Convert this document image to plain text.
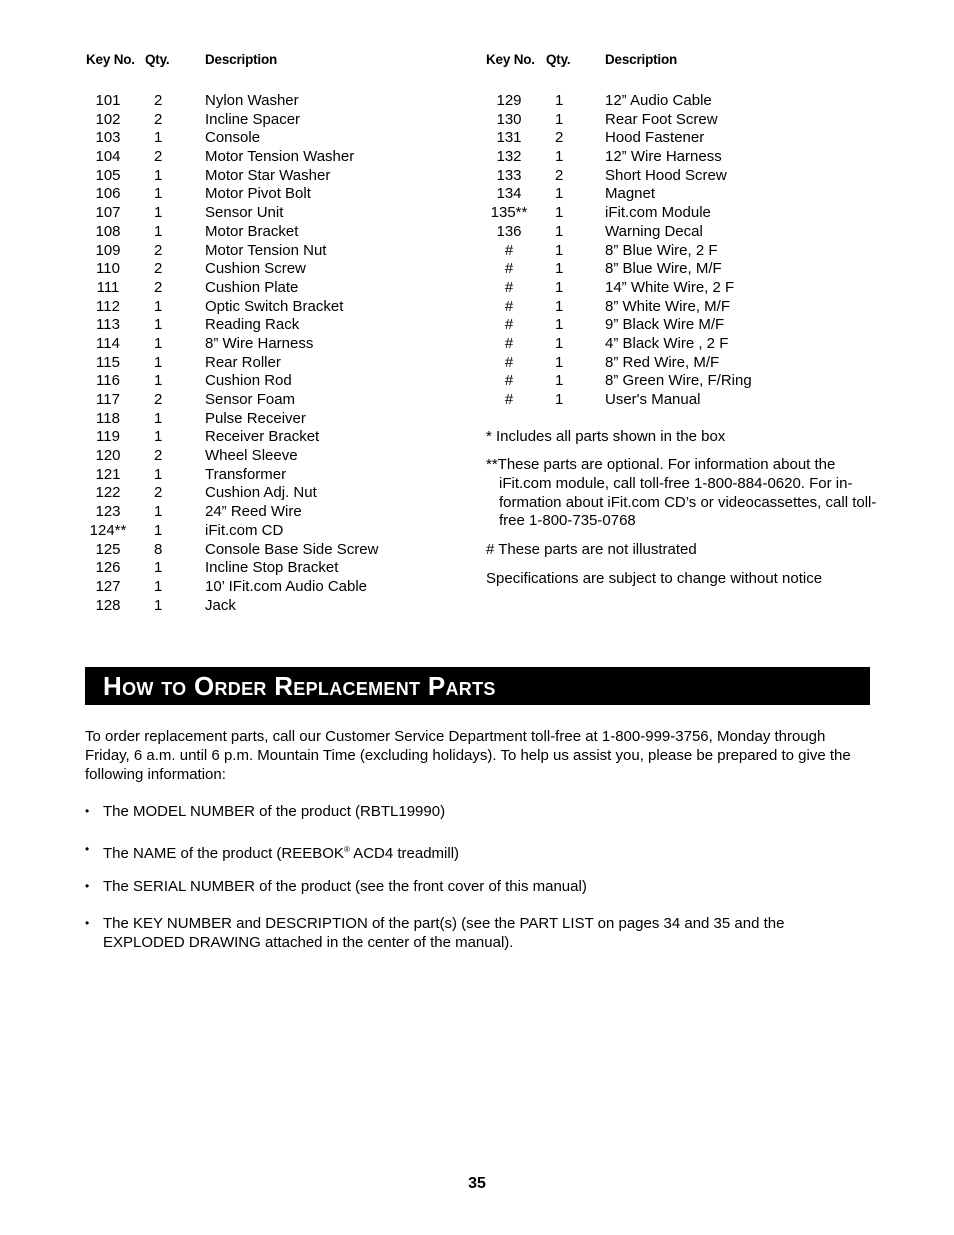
Key No. Qty.	Description
101	2	Nylon Washer
102	2	Incline Spacer
103	1	Console
104	2	Motor Tension Washer
105	1	Motor Star Washer
106	1	Motor Pivot Bolt
107	1	Sensor Unit
108	1	Motor Bracket
109	2	Motor Tension Nut
110	2	Cushion Screw
111	2	Cushion Plate
112	1	Optic Switch Bracket
113	1	Reading Rack
114	1	8” Wire Harness
115	1	Rear Roller
116	1	Cushion Rod
117	2	Sensor Foam
118	1	Pulse Receiver
119	1	Receiver Bracket
120	2	Wheel Sleeve
121	1	Transformer
122	2	Cushion Adj. Nut
123	1	24” Reed Wire
124** 1	iFit.com CD
125	8	Console Base Side Screw
126	1	Incline Stop Bracket
127	1	10’ IFit.com Audio Cable
128	1	Jack
Key No. Qty.	Description
129	1	12” Audio Cable
130	1	Rear Foot Screw
131	2	Hood Fastener
132	1	12” Wire Harness
133	2	Short Hood Screw
134	1	Magnet
135** 1	iFit.com Module
136	1	Warning Decal
#	1	8” Blue Wire, 2 F
#	1	8” Blue Wire, M/F
#	1	14” White Wire, 2 F
#	1	8” White Wire, M/F
#	1	9” Black Wire M/F
#	1	4” Black Wire , 2 F
#	1	8” Red Wire, M/F
#	1	8” Green Wire, F/Ring
#	1	User's Manual
* Includes all parts shown in the box
**These parts are optional. For information about the iFit.com module, call toll-free 1-800-884-0620. For information about iFit.com CD’s or videocassettes, call toll-free 1-800-735-0768
# These parts are not illustrated
Specifications are subject to change without notice
How to Order Replacement Parts
To order replacement parts, call our Customer Service Department toll-free at 1-800-999-3756, Monday through Friday, 6 a.m. until 6 p.m. Mountain Time (excluding holidays). To help us assist you, please be prepared to give the following information:
• The MODEL NUMBER of the product (RBTL19990)
• The NAME of the product (REEBOK® ACD4 treadmill)
• The SERIAL NUMBER of the product (see the front cover of this manual)
• The KEY NUMBER and DESCRIPTION of the part(s) (see the PART LIST on pages 34 and 35 and the EXPLODED DRAWING attached in the center of the manual).
35
